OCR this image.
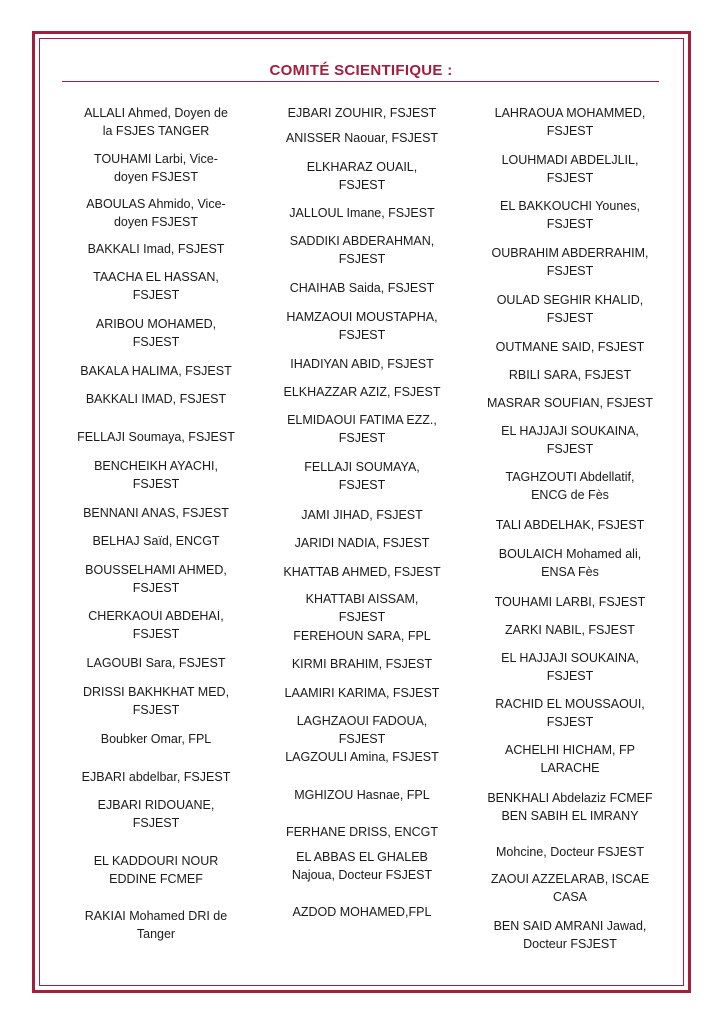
COMITÉ SCIENTIFIQUE :
ALLALI Ahmed, Doyen de
la FSJES TANGER
TOUHAMI Larbi, Vice-
doyen FSJEST
ABOULAS Ahmido, Vice-
doyen FSJEST
BAKKALI Imad, FSJEST
TAACHA EL HASSAN,
FSJEST
ARIBOU MOHAMED,
FSJEST
BAKALA HALIMA, FSJEST
BAKKALI IMAD, FSJEST
FELLAJI Soumaya, FSJEST
BENCHEIKH AYACHI,
FSJEST
BENNANI ANAS, FSJEST
BELHAJ Saïd, ENCGT
BOUSSELHAMI AHMED,
FSJEST
CHERKAOUI ABDEHAI,
FSJEST
LAGOUBI Sara, FSJEST
DRISSI BAKHKHAT MED,
FSJEST
Boubker Omar, FPL
EJBARI abdelbar, FSJEST
EJBARI RIDOUANE,
FSJEST
EL KADDOURI NOUR
EDDINE FCMEF
RAKIAI Mohamed DRI de
Tanger
EJBARI ZOUHIR, FSJEST
ANISSER Naouar, FSJEST
ELKHARAZ OUAIL,
FSJEST
JALLOUL Imane, FSJEST
SADDIKI ABDERAHMAN,
FSJEST
CHAIHAB Saida, FSJEST
HAMZAOUI MOUSTAPHA,
FSJEST
IHADIYAN ABID, FSJEST
ELKHAZZAR AZIZ, FSJEST
ELMIDAOUI FATIMA EZZ.,
FSJEST
FELLAJI SOUMAYA,
FSJEST
JAMI JIHAD, FSJEST
JARIDI NADIA, FSJEST
KHATTAB AHMED, FSJEST
KHATTABI AISSAM,
FSJEST
FEREHOUN SARA, FPL
KIRMI BRAHIM, FSJEST
LAAMIRI KARIMA, FSJEST
LAGHZAOUI FADOUA,
FSJEST
LAGZOULI Amina, FSJEST
MGHIZOU Hasnae, FPL
FERHANE DRISS, ENCGT
EL ABBAS EL GHALEB
Najoua, Docteur FSJEST
AZDOD MOHAMED,FPL
LAHRAOUA MOHAMMED,
FSJEST
LOUHMADI ABDELJLIL,
FSJEST
EL BAKKOUCHI Younes,
FSJEST
OUBRAHIM ABDERRAHIM,
FSJEST
OULAD SEGHIR KHALID,
FSJEST
OUTMANE SAID, FSJEST
RBILI SARA, FSJEST
MASRAR SOUFIAN, FSJEST
EL HAJJAJI SOUKAINA,
FSJEST
TAGHZOUTI Abdellatif,
ENCG de Fès
TALI ABDELHAK, FSJEST
BOULAICH Mohamed ali,
ENSA Fès
TOUHAMI LARBI, FSJEST
ZARKI NABIL, FSJEST
EL HAJJAJI SOUKAINA,
FSJEST
RACHID EL MOUSSAOUI,
FSJEST
ACHELHI HICHAM, FP
LARACHE
BENKHALI Abdelaziz FCMEF
BEN SABIH EL IMRANY
Mohcine, Docteur FSJEST
ZAOUI AZZELARAB, ISCAE
CASA
BEN SAID AMRANI Jawad,
Docteur FSJEST
